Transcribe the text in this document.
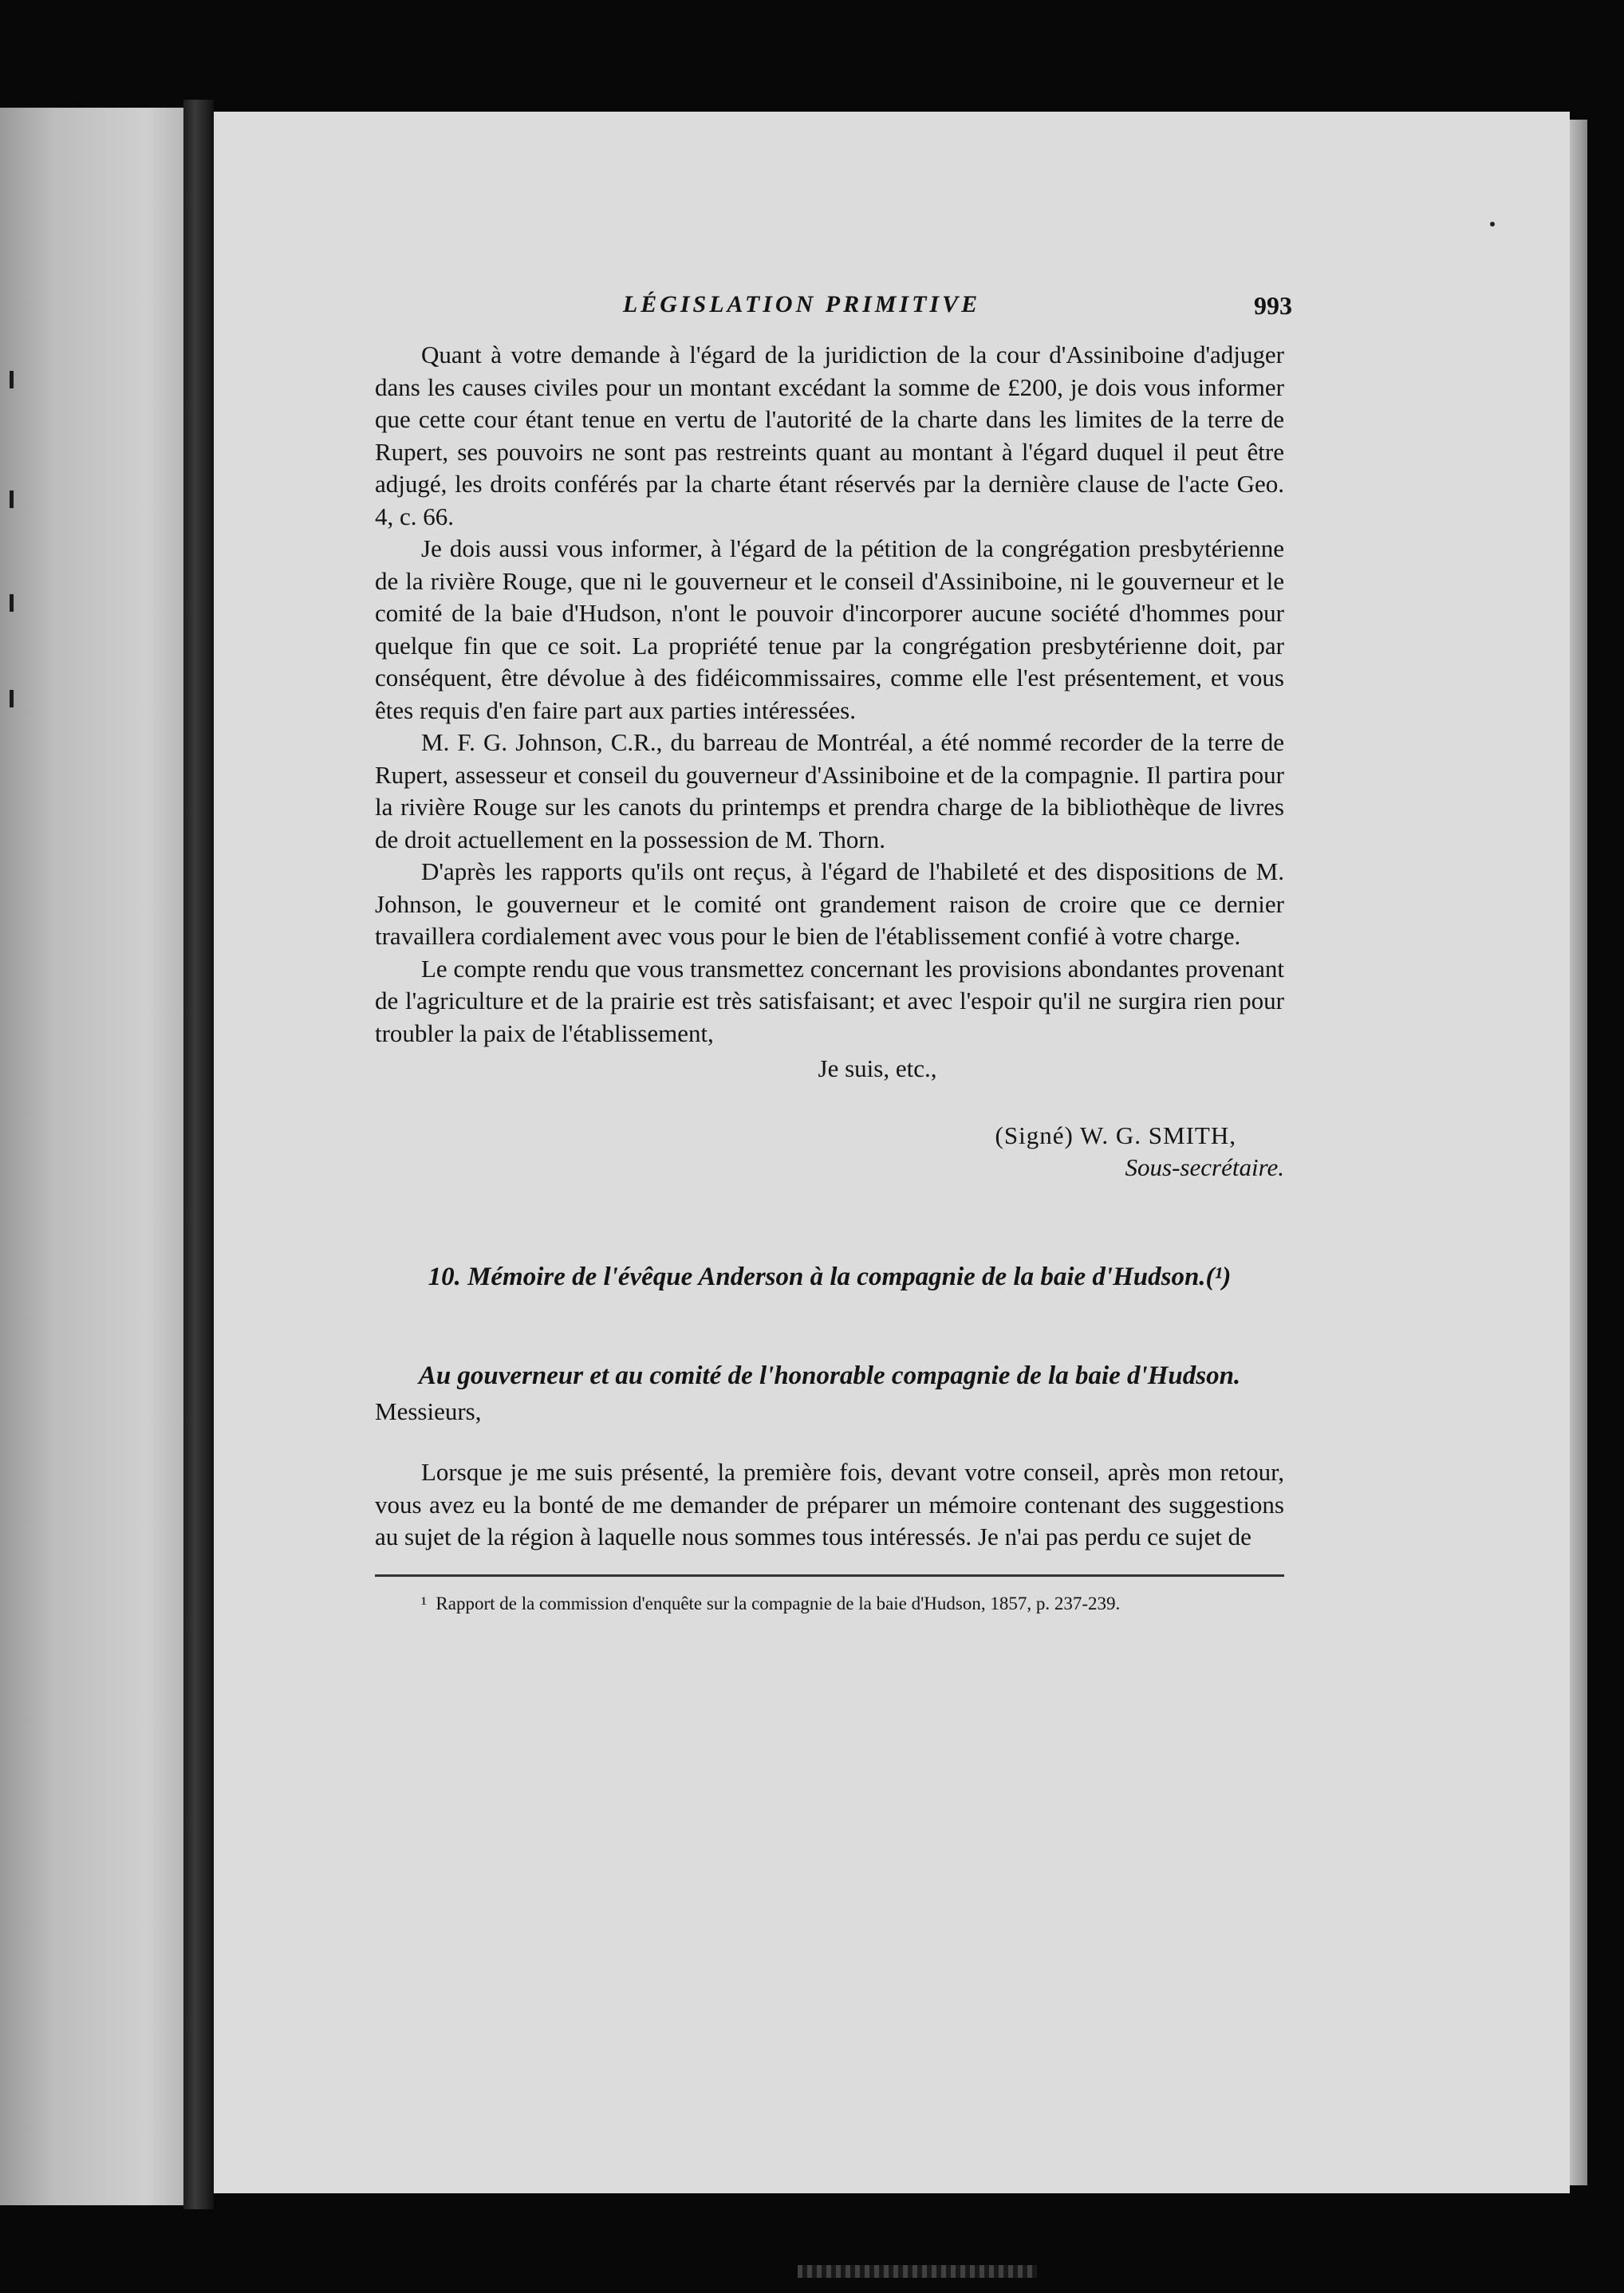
LÉGISLATION PRIMITIVE	993

Quant à votre demande à l'égard de la juridiction de la cour d'Assiniboine d'adjuger dans les causes civiles pour un montant excédant la somme de £200, je dois vous informer que cette cour étant tenue en vertu de l'autorité de la charte dans les limites de la terre de Rupert, ses pouvoirs ne sont pas restreints quant au montant à l'égard duquel il peut être adjugé, les droits conférés par la charte étant réservés par la dernière clause de l'acte Geo. 4, c. 66.

Je dois aussi vous informer, à l'égard de la pétition de la congrégation presbytérienne de la rivière Rouge, que ni le gouverneur et le conseil d'Assiniboine, ni le gouverneur et le comité de la baie d'Hudson, n'ont le pouvoir d'incorporer aucune société d'hommes pour quelque fin que ce soit. La propriété tenue par la congrégation presbytérienne doit, par conséquent, être dévolue à des fidéicommissaires, comme elle l'est présentement, et vous êtes requis d'en faire part aux parties intéressées.

M. F. G. Johnson, C.R., du barreau de Montréal, a été nommé recorder de la terre de Rupert, assesseur et conseil du gouverneur d'Assiniboine et de la compagnie. Il partira pour la rivière Rouge sur les canots du printemps et prendra charge de la bibliothèque de livres de droit actuellement en la possession de M. Thorn.

D'après les rapports qu'ils ont reçus, à l'égard de l'habileté et des dispositions de M. Johnson, le gouverneur et le comité ont grandement raison de croire que ce dernier travaillera cordialement avec vous pour le bien de l'établissement confié à votre charge.

Le compte rendu que vous transmettez concernant les provisions abondantes provenant de l'agriculture et de la prairie est très satisfaisant; et avec l'espoir qu'il ne surgira rien pour troubler la paix de l'établissement,

Je suis, etc.,
(Signé) W. G. SMITH,
Sous-secrétaire.
10. Mémoire de l'évêque Anderson à la compagnie de la baie d'Hudson.(¹)
Au gouverneur et au comité de l'honorable compagnie de la baie d'Hudson.
Messieurs,

Lorsque je me suis présenté, la première fois, devant votre conseil, après mon retour, vous avez eu la bonté de me demander de préparer un mémoire contenant des suggestions au sujet de la région à laquelle nous sommes tous intéressés. Je n'ai pas perdu ce sujet de

¹ Rapport de la commission d'enquête sur la compagnie de la baie d'Hudson, 1857, p. 237-239.
